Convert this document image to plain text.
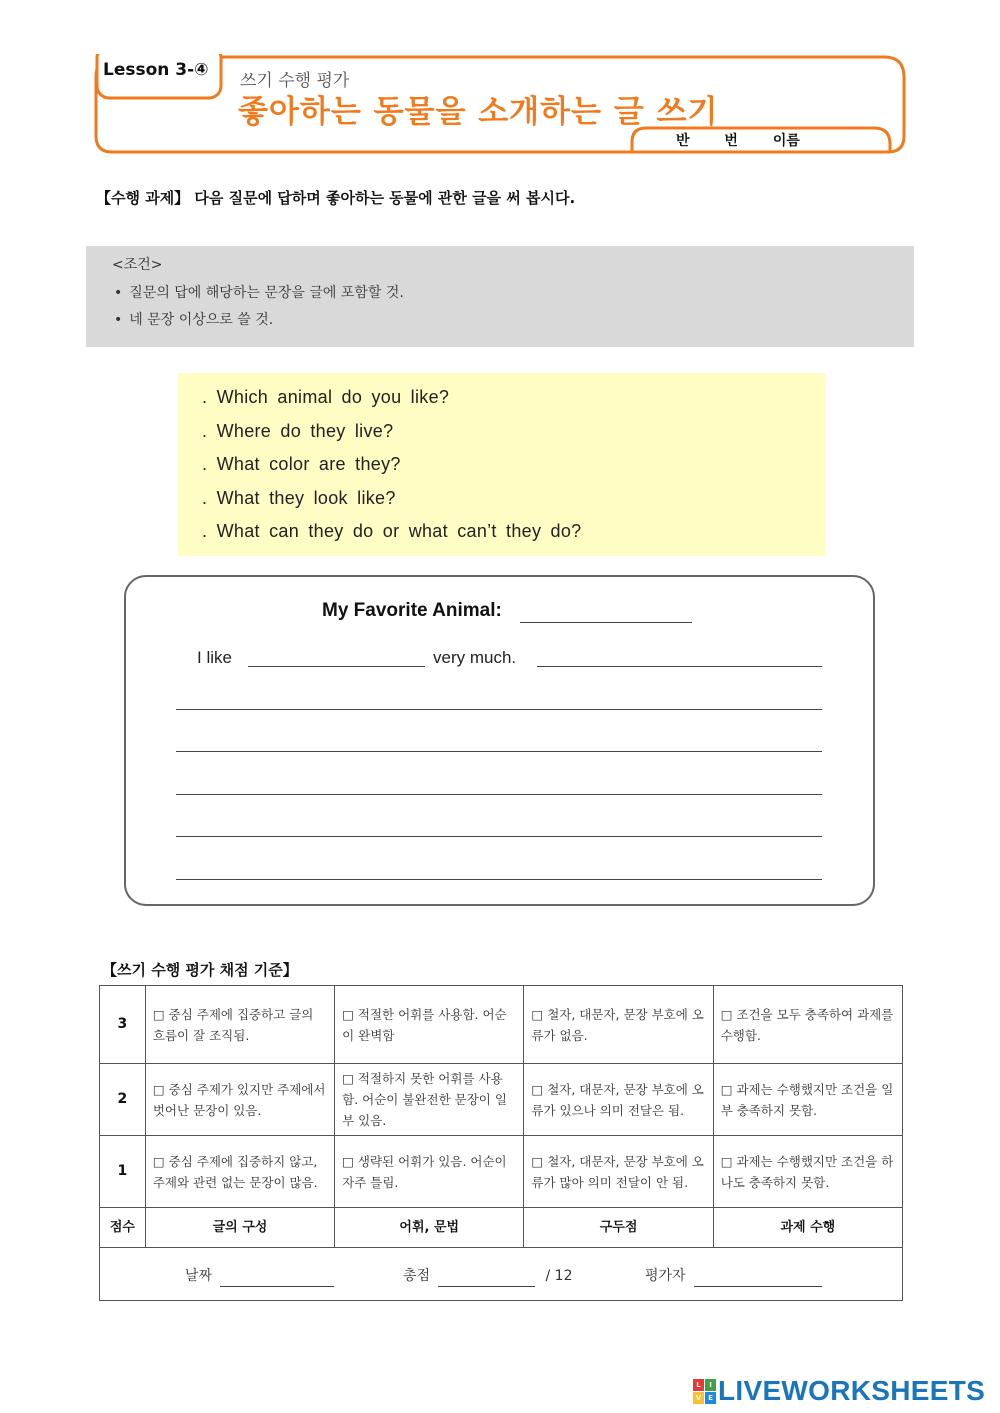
Lesson 3-④
쓰기 수행 평가
좋아하는 동물을 소개하는 글 쓰기
반 번 이름
【수행 과제】 다음 질문에 답하며 좋아하는 동물에 관한 글을 써 봅시다.
<조건>
• 질문의 답에 해당하는 문장을 글에 포함할 것.
• 네 문장 이상으로 쓸 것.
. Which animal do you like?
. Where do they live?
. What color are they?
. What they look like?
. What can they do or what can’t they do?
My Favorite Animal:
I like	very much.
【쓰기 수행 평가 채점 기준】
3	□ 중심 주제에 집중하고 글의 흐름이 잘 조직됨.	□ 적절한 어휘를 사용함. 어순이 완벽함	□ 철자, 대문자, 문장 부호에 오류가 없음.	□ 조건을 모두 충족하여 과제를 수행함.
2	□ 중심 주제가 있지만 주제에서 벗어난 문장이 있음.	□ 적절하지 못한 어휘를 사용함. 어순이 불완전한 문장이 일부 있음.	□ 철자, 대문자, 문장 부호에 오류가 있으나 의미 전달은 됨.	□ 과제는 수행했지만 조건을 일부 충족하지 못함.
1	□ 중심 주제에 집중하지 않고, 주제와 관련 없는 문장이 많음.	□ 생략된 어휘가 있음. 어순이 자주 틀림.	□ 철자, 대문자, 문장 부호에 오류가 많아 의미 전달이 안 됨.	□ 과제는 수행했지만 조건을 하나도 충족하지 못함.
점수	글의 구성	어휘, 문법	구두점	과제 수행

날짜 총점 / 12 평가자				
L	I
V E LIVEWORKSHEETS
